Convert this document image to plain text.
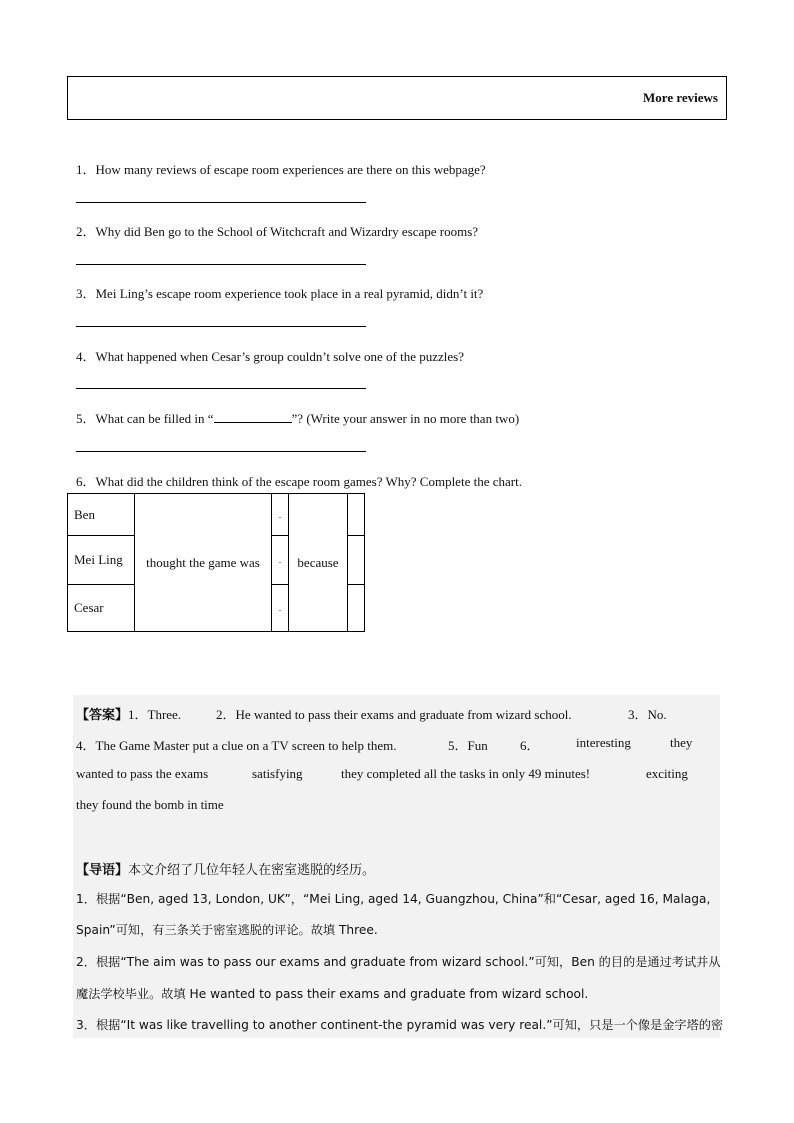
More reviews
1．How many reviews of escape room experiences are there on this webpage?
2．Why did Ben go to the School of Witchcraft and Wizardry escape rooms?
3．Mei Ling’s escape room experience took place in a real pyramid, didn’t it?
4．What happened when Cesar’s group couldn’t solve one of the puzzles?
5．What can be filled in “	”? (Write your answer in no more than two)
6．What did the children think of the escape room games? Why? Complete the chart.
Ben	thought the game was	.	because	
Mei Ling		.		
Cesar		.		
【答案】1．Three.	2．He wanted to pass their exams and graduate from wizard school.	3．No.
4．The Game Master put a clue on a TV screen to help them.	5．Fun 6．	interesting	they
wanted to pass the exams	satisfying	they completed all the tasks in only 49 minutes!	exciting
they found the bomb in time
【导语】本文介绍了几位年轻人在密室逃脱的经历。
1．根据“Ben, aged 13, London, UK”，“Mei Ling, aged 14, Guangzhou, China”和“Cesar, aged 16, Malaga,
Spain”可知，有三条关于密室逃脱的评论。故填 Three.
2．根据“The aim was to pass our exams and graduate from wizard school.”可知，Ben 的目的是通过考试并从
魔法学校毕业。故填 He wanted to pass their exams and graduate from wizard school.
3．根据“It was like travelling to another continent-the pyramid was very real.”可知，只是一个像是金字塔的密
